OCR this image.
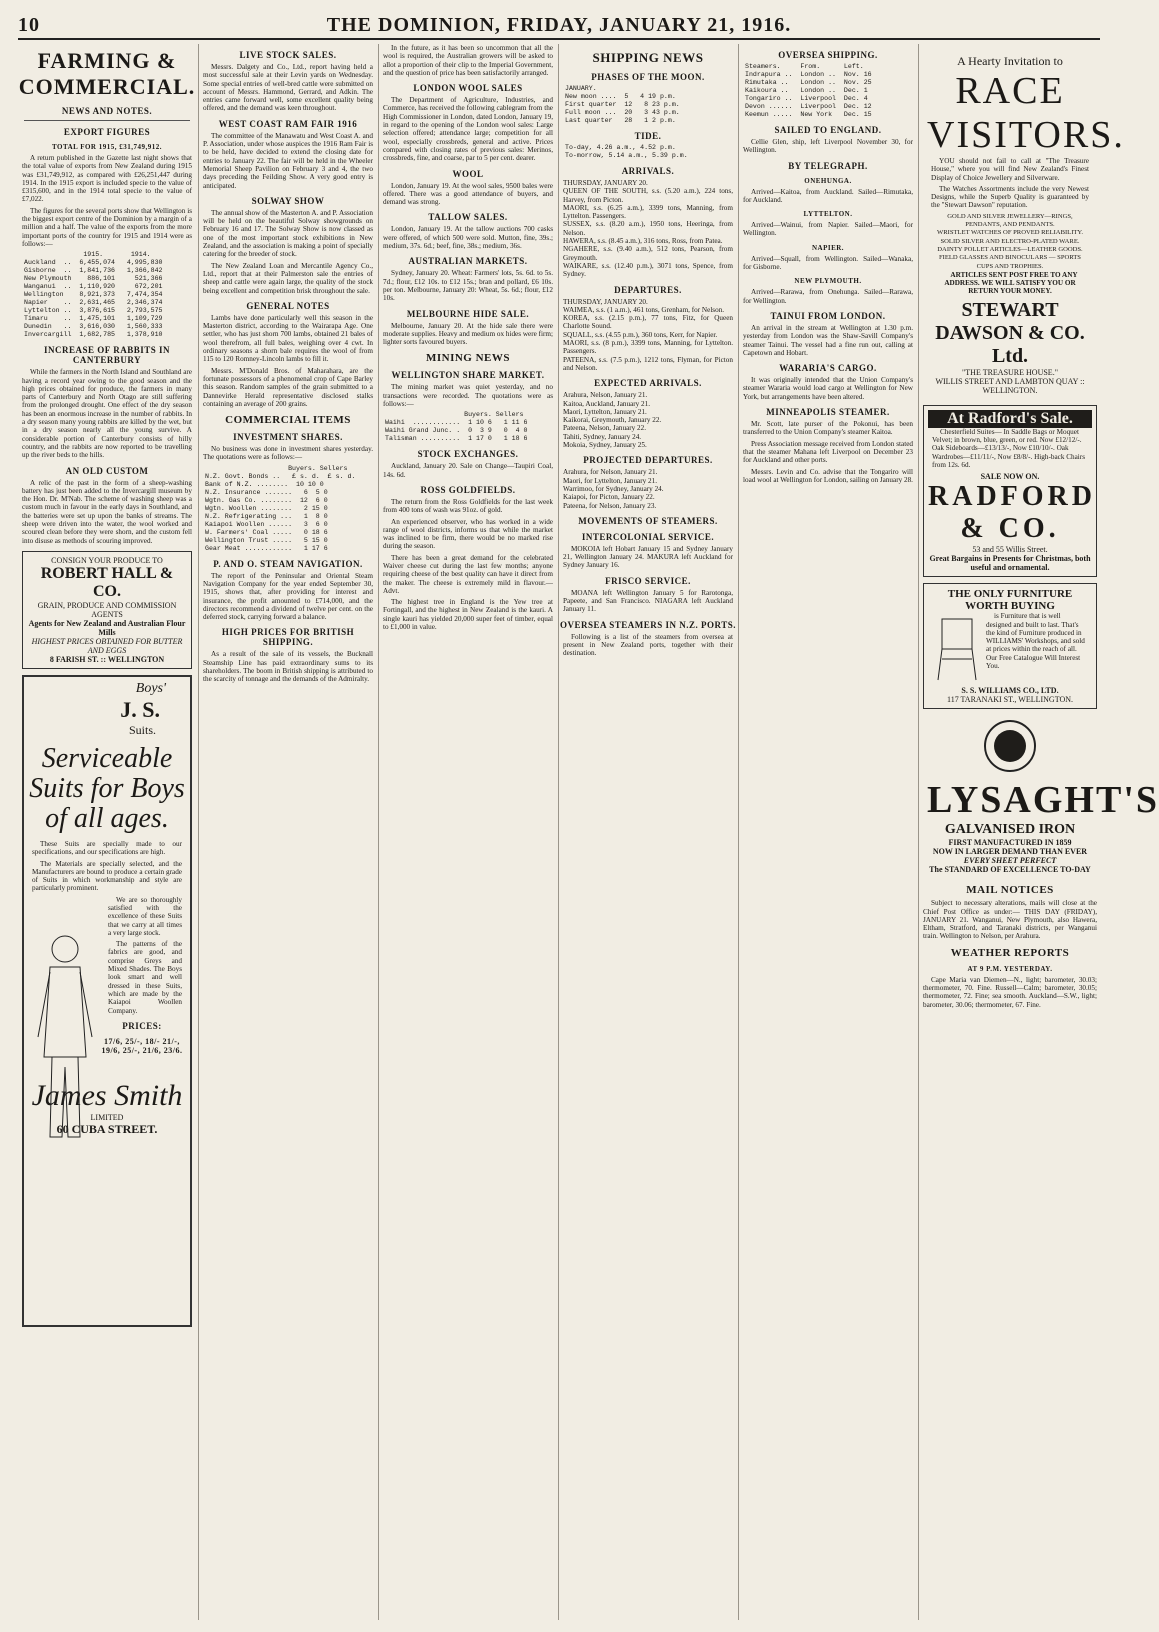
10	THE DOMINION, FRIDAY, JANUARY 21, 1916.
FARMING & COMMERCIAL.
NEWS AND NOTES.
EXPORT FIGURES
TOTAL FOR 1915, £31,749,912.

A return published in the Gazette last night shows that the total value of exports from New Zealand during 1915 was £31,749,912, as compared with £26,251,447 during 1914. In the 1915 export is included specie to the value of £315,600, and in the 1914 total specie to the value of £7,022.

The figures for the several ports show that Wellington is the biggest export centre of the Dominion by a margin of a million and a half. The value of the exports from the more important ports of the country for 1915 and 1914 were as follows:—

1915.       1914.
Auckland  ..  6,455,074   4,995,830
Gisborne  ..  1,841,736   1,366,842
New Plymouth    886,101     521,366
Wanganui  ..  1,110,920     672,201
Wellington    8,921,373   7,474,354
Napier    ..  2,631,465   2,346,374
Lyttelton ..  3,876,615   2,793,575
Timaru    ..  1,475,101   1,109,729
Dunedin   ..  3,616,030   1,560,333
Invercargill  1,682,785   1,378,910
INCREASE OF RABBITS IN CANTERBURY

While the farmers in the North Island and Southland are having a record year owing to the good season and the high prices obtained for produce, the farmers in many parts of Canterbury and North Otago are still suffering from the prolonged drought. One effect of the dry season has been an enormous increase in the number of rabbits. In a dry season many young rabbits are killed by the wet, but in a dry season nearly all the young survive. A considerable portion of Canterbury consists of hilly country, and the rabbits are now reported to be travelling up the river beds to the hills.

AN OLD CUSTOM

A relic of the past in the form of a sheep-washing battery has just been added to the Invercargill museum by the Hon. Dr. M'Nab. The scheme of washing sheep was a custom much in favour in the early days in Southland, and the batteries were set up upon the banks of streams. The sheep were driven into the water, the wool worked and scoured clean before they were shorn, and the custom fell into disuse as methods of scouring improved.

CONSIGN YOUR PRODUCE TO
ROBERT HALL & CO.
GRAIN, PRODUCE AND COMMISSION AGENTS
Agents for New Zealand and Australian Flour Mills
HIGHEST PRICES OBTAINED FOR BUTTER AND EGGS
8 FARISH ST. :: WELLINGTON
Boys'
J. S.
Suits.
Serviceable Suits for Boys of all ages.

These Suits are specially made to our specifications, and our specifications are high.

The Materials are specially selected, and the Manufacturers are bound to produce a certain grade of Suits in which workmanship and style are particularly prominent.

We are so thoroughly satisfied with the excellence of these Suits that we carry at all times a very large stock.

The patterns of the fabrics are good, and comprise Greys and Mixed Shades. The Boys look smart and well dressed in these Suits, which are made by the Kaiapoi Woollen Company.

PRICES:
17/6, 25/-, 18/- 21/-, 19/6, 25/-, 21/6, 23/6.
James Smith
LIMITED
60 CUBA STREET.
LIVE STOCK SALES.

Messrs. Dalgety and Co., Ltd., report having held a most successful sale at their Levin yards on Wednesday. Some special entries of well-bred cattle were submitted on account of Messrs. Hammond, Gerrard, and Adkin. The entries came forward well, some excellent quality being offered, and the demand was keen throughout.

WEST COAST RAM FAIR 1916

The committee of the Manawatu and West Coast A. and P. Association, under whose auspices the 1916 Ram Fair is to be held, have decided to extend the closing date for entries to January 22. The fair will be held in the Wheeler Memorial Sheep Pavilion on February 3 and 4, the two days preceding the Feilding Show. A very good entry is anticipated.

SOLWAY SHOW

The annual show of the Masterton A. and P. Association will be held on the beautiful Solway showgrounds on February 16 and 17. The Solway Show is now classed as one of the most important stock exhibitions in New Zealand, and the association is making a point of specially catering for the breeder of stock.

The New Zealand Loan and Mercantile Agency Co., Ltd., report that at their Palmerston sale the entries of sheep and cattle were again large, the quality of the stock being excellent and competition brisk throughout the sale.

GENERAL NOTES

Lambs have done particularly well this season in the Masterton district, according to the Wairarapa Age. One settler, who has just shorn 700 lambs, obtained 21 bales of wool therefrom, all full bales, weighing over 4 cwt. In ordinary seasons a shorn bale requires the wool of from 115 to 120 Romney-Lincoln lambs to fill it.

Messrs. M'Donald Bros. of Maharahara, are the fortunate possessors of a phenomenal crop of Cape Barley this season. Random samples of the grain submitted to a Dannevirke Herald representative disclosed stalks containing an average of 200 grains.

COMMERCIAL ITEMS
INVESTMENT SHARES.

No business was done in investment shares yesterday. The quotations were as follows:—

Buyers. Sellers
N.Z. Govt. Bonds ..   £ s. d.  £ s. d.
Bank of N.Z. ........  10 10 0
N.Z. Insurance .......   6  5 0
Wgtn. Gas Co. ........  12  6 0
Wgtn. Woollen ........   2 15 0
N.Z. Refrigerating ...   1  8 0
Kaiapoi Woollen ......   3  6 0
W. Farmers' Coal .....   0 18 6
Wellington Trust .....   5 15 0
Gear Meat ............   1 17 6
P. AND O. STEAM NAVIGATION.

The report of the Peninsular and Oriental Steam Navigation Company for the year ended September 30, 1915, shows that, after providing for interest and insurance, the profit amounted to £714,000, and the directors recommend a dividend of twelve per cent. on the deferred stock, carrying forward a balance.

HIGH PRICES FOR BRITISH SHIPPING.

As a result of the sale of its vessels, the Bucknall Steamship Line has paid extraordinary sums to its shareholders. The boom in British shipping is attributed to the scarcity of tonnage and the demands of the Admiralty.

In the future, as it has been so uncommon that all the wool is required, the Australian growers will be asked to allot a proportion of their clip to the Imperial Government, and the question of price has been satisfactorily arranged.

LONDON WOOL SALES

The Department of Agriculture, Industries, and Commerce, has received the following cablegram from the High Commissioner in London, dated London, January 19, in regard to the opening of the London wool sales: Large selection offered; attendance large; competition for all wool, especially crossbreds, general and active. Prices compared with closing rates of previous sales: Merinos, crossbreds, fine, and coarse, par to 5 per cent. dearer.

WOOL

London, January 19. At the wool sales, 9500 bales were offered. There was a good attendance of buyers, and demand was strong.

TALLOW SALES.

London, January 19. At the tallow auctions 700 casks were offered, of which 500 were sold. Mutton, fine, 39s.; medium, 37s. 6d.; beef, fine, 38s.; medium, 36s.

AUSTRALIAN MARKETS.

Sydney, January 20. Wheat: Farmers' lots, 5s. 6d. to 5s. 7d.; flour, £12 10s. to £12 15s.; bran and pollard, £6 10s. per ton. Melbourne, January 20: Wheat, 5s. 6d.; flour, £12 10s.

MELBOURNE HIDE SALE.

Melbourne, January 20. At the hide sale there were moderate supplies. Heavy and medium ox hides were firm; lighter sorts favoured buyers.

MINING NEWS
WELLINGTON SHARE MARKET.

The mining market was quiet yesterday, and no transactions were recorded. The quotations were as follows:—

Buyers. Sellers
Waihi  ............  1 10 6   1 11 6
Waihi Grand Junc. .  0  3 9   0  4 0
Talisman ..........  1 17 0   1 18 6
STOCK EXCHANGES.

Auckland, January 20. Sale on Change—Taupiri Coal, 14s. 6d.

ROSS GOLDFIELDS.

The return from the Ross Goldfields for the last week from 400 tons of wash was 91oz. of gold.

An experienced observer, who has worked in a wide range of wool districts, informs us that while the market was inclined to be firm, there would be no marked rise during the season.

There has been a great demand for the celebrated Waiver cheese cut during the last few months; anyone requiring cheese of the best quality can have it direct from the maker. The cheese is extremely mild in flavour.—Advt.

The highest tree in England is the Yew tree at Fortingall, and the highest in New Zealand is the kauri. A single kauri has yielded 20,000 super feet of timber, equal to £1,000 in value.

SHIPPING NEWS
PHASES OF THE MOON.
JANUARY.
New moon ....  5   4 19 p.m.
First quarter  12   8 23 p.m.
Full moon ...  20   3 43 p.m.
Last quarter   28   1 2 p.m.
TIDE.
To-day, 4.26 a.m., 4.52 p.m.
To-morrow, 5.14 a.m., 5.39 p.m.
ARRIVALS.
THURSDAY, JANUARY 20.
QUEEN OF THE SOUTH, s.s. (5.20 a.m.), 224 tons, Harvey, from Picton.
MAORI, s.s. (6.25 a.m.), 3399 tons, Manning, from Lyttelton. Passengers.
SUSSEX, s.s. (8.20 a.m.), 1950 tons, Heeringa, from Nelson.
HAWERA, s.s. (8.45 a.m.), 316 tons, Ross, from Patea.
NGAHERE, s.s. (9.40 a.m.), 512 tons, Pearson, from Greymouth.
WAIKARE, s.s. (12.40 p.m.), 3071 tons, Spence, from Sydney.
DEPARTURES.
THURSDAY, JANUARY 20.
WAIMEA, s.s. (1 a.m.), 461 tons, Grenham, for Nelson.
KOREA, s.s. (2.15 p.m.), 77 tons, Fitz, for Queen Charlotte Sound.
SQUALL, s.s. (4.55 p.m.), 360 tons, Kerr, for Napier.
MAORI, s.s. (8 p.m.), 3399 tons, Manning, for Lyttelton. Passengers.
PATEENA, s.s. (7.5 p.m.), 1212 tons, Flyman, for Picton and Nelson.
EXPECTED ARRIVALS.
Arahura, Nelson, January 21.
Kaitoa, Auckland, January 21.
Maori, Lyttelton, January 21.
Kaikorai, Greymouth, January 22.
Pateena, Nelson, January 22.
Tahiti, Sydney, January 24.
Mokoia, Sydney, January 25.
PROJECTED DEPARTURES.
Arahura, for Nelson, January 21.
Maori, for Lyttelton, January 21.
Warrimoo, for Sydney, January 24.
Kaiapoi, for Picton, January 22.
Pateena, for Nelson, January 23.
MOVEMENTS OF STEAMERS.
INTERCOLONIAL SERVICE.

MOKOIA left Hobart January 15 and Sydney January 21, Wellington January 24. MAKURA left Auckland for Sydney January 16.

FRISCO SERVICE.

MOANA left Wellington January 5 for Rarotonga, Papeete, and San Francisco. NIAGARA left Auckland January 11.

OVERSEA STEAMERS IN N.Z. PORTS.

Following is a list of the steamers from oversea at present in New Zealand ports, together with their destination.

OVERSEA SHIPPING.
Steamers.     From.      Left.
Indrapura ..  London ..  Nov. 16
Rimutaka ..   London ..  Nov. 25
Kaikoura ..   London ..  Dec. 1
Tongariro ..  Liverpool  Dec. 4
Devon ......  Liverpool  Dec. 12
Keemun .....  New York   Dec. 15
SAILED TO ENGLAND.

Cellie Glen, ship, left Liverpool November 30, for Wellington.

BY TELEGRAPH.
ONEHUNGA.

Arrived—Kaitoa, from Auckland. Sailed—Rimutaka, for Auckland.

LYTTELTON.

Arrived—Wainui, from Napier. Sailed—Maori, for Wellington.

NAPIER.

Arrived—Squall, from Wellington. Sailed—Wanaka, for Gisborne.

NEW PLYMOUTH.

Arrived—Rarawa, from Onehunga. Sailed—Rarawa, for Wellington.

TAINUI FROM LONDON.

An arrival in the stream at Wellington at 1.30 p.m. yesterday from London was the Shaw-Savill Company's steamer Tainui. The vessel had a fine run out, calling at Capetown and Hobart.

WARARIA'S CARGO.

It was originally intended that the Union Company's steamer Wararia would load cargo at Wellington for New York, but arrangements have been altered.

MINNEAPOLIS STEAMER.

Mr. Scott, late purser of the Pokonui, has been transferred to the Union Company's steamer Kaitoa.

Press Association message received from London stated that the steamer Mahana left Liverpool on December 23 for Auckland and other ports.

Messrs. Levin and Co. advise that the Tongariro will load wool at Wellington for London, sailing on January 28.

A Hearty Invitation to
RACE VISITORS.

YOU should not fail to call at "The Treasure House," where you will find New Zealand's Finest Display of Choice Jewellery and Silverware.

The Watches Assortments include the very Newest Designs, while the Superb Quality is guaranteed by the "Stewart Dawson" reputation.

GOLD AND SILVER JEWELLERY—RINGS, PENDANTS, AND PENDANTS.
WRISTLET WATCHES OF PROVED RELIABILITY.
SOLID SILVER AND ELECTRO-PLATED WARE.
DAINTY POLLET ARTICLES—LEATHER GOODS.
FIELD GLASSES AND BINOCULARS — SPORTS CUPS AND TROPHIES.

ARTICLES SENT POST FREE TO ANY ADDRESS. WE WILL SATISFY YOU OR RETURN YOUR MONEY.

STEWART DAWSON & CO. Ltd.
"THE TREASURE HOUSE."
WILLIS STREET AND LAMBTON QUAY :: WELLINGTON.
At Radford's Sale.

Chesterfield Suites— In Saddle Bags or Moquet Velvet; in brown, blue, green, or red. Now £12/12/-. Oak Sideboards—£13/13/-, Now £10/10/-. Oak Wardrobes—£11/11/-, Now £8/8/-. High-back Chairs from 12s. 6d.

SALE NOW ON.
RADFORD & CO.
53 and 55 Willis Street.
Great Bargains in Presents for Christmas, both useful and ornamental.
THE ONLY FURNITURE WORTH BUYING

is Furniture that is well designed and built to last. That's the kind of Furniture produced in WILLIAMS' Workshops, and sold at prices within the reach of all. Our Free Catalogue Will Interest You.

S. S. WILLIAMS CO., LTD.
117 TARANAKI ST., WELLINGTON.
LYSAGHT'S
GALVANISED IRON
FIRST MANUFACTURED IN 1859
NOW IN LARGER DEMAND THAN EVER
EVERY SHEET PERFECT
The STANDARD OF EXCELLENCE TO-DAY
MAIL NOTICES

Subject to necessary alterations, mails will close at the Chief Post Office as under:— THIS DAY (FRIDAY), JANUARY 21. Wanganui, New Plymouth, also Hawera, Eltham, Stratford, and Taranaki districts, per Wanganui train. Wellington to Nelson, per Arahura.

WEATHER REPORTS
AT 9 P.M. YESTERDAY.

Cape Maria van Diemen—N., light; barometer, 30.03; thermometer, 70. Fine. Russell—Calm; barometer, 30.05; thermometer, 72. Fine; sea smooth. Auckland—S.W., light; barometer, 30.06; thermometer, 67. Fine.
